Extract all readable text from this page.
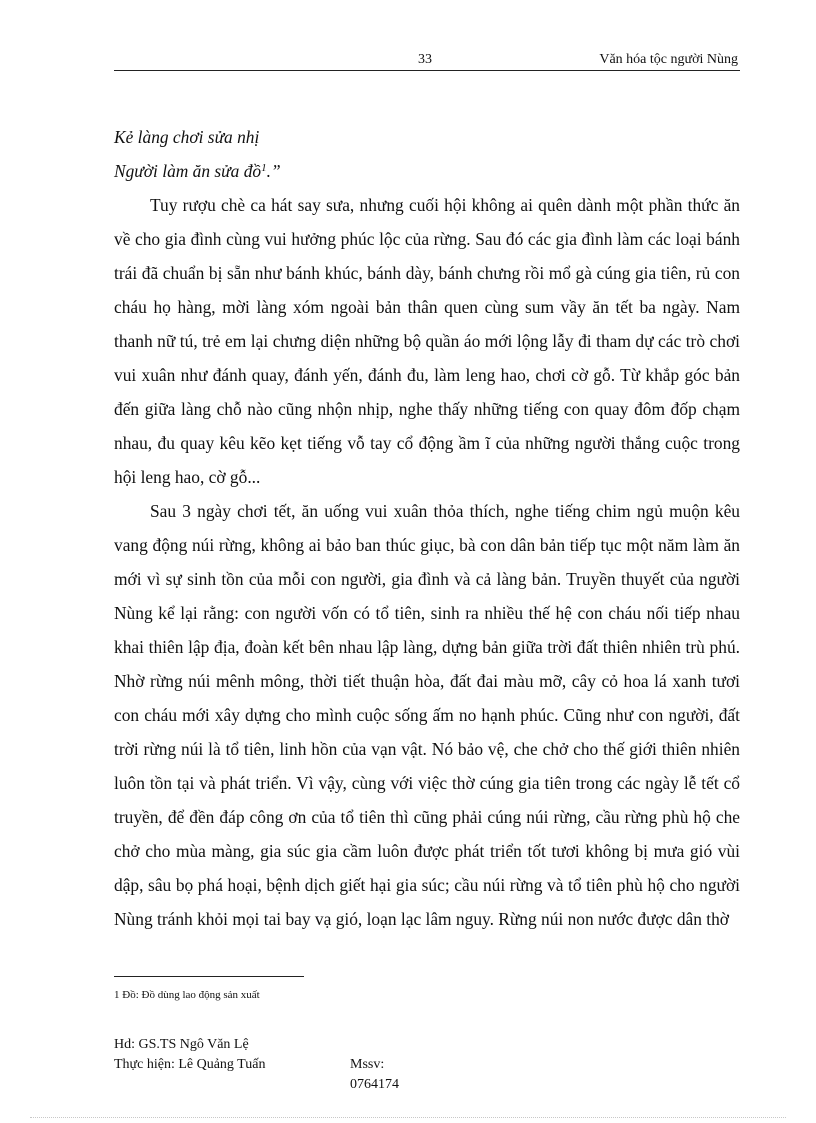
33	Văn hóa tộc người Nùng

Kẻ làng chơi sửa nhị

Người làm ăn sửa đồ$^1$.”

Tuy rượu chè ca hát say sưa, nhưng cuối hội không ai quên dành một phần thức ăn về cho gia đình cùng vui hưởng phúc lộc của rừng. Sau đó các gia đình làm các loại bánh trái đã chuẩn bị sẵn như bánh khúc, bánh dày, bánh chưng rồi mổ gà cúng gia tiên, rủ con cháu họ hàng, mời làng xóm ngoài bản thân quen cùng sum vầy ăn tết ba ngày. Nam thanh nữ tú, trẻ em lại chưng diện những bộ quần áo mới lộng lẫy đi tham dự các trò chơi vui xuân như đánh quay, đánh yến, đánh đu, làm leng hao, chơi cờ gỗ. Từ khắp góc bản đến giữa làng chỗ nào cũng nhộn nhịp, nghe thấy những tiếng con quay đôm đốp chạm nhau, đu quay kêu kẽo kẹt tiếng vỗ tay cổ động ầm ĩ của những người thắng cuộc trong hội leng hao, cờ gỗ...

Sau 3 ngày chơi tết, ăn uống vui xuân thỏa thích, nghe tiếng chim ngủ muộn kêu vang động núi rừng, không ai bảo ban thúc giục, bà con dân bản tiếp tục một năm làm ăn mới vì sự sinh tồn của mỗi con người, gia đình và cả làng bản. Truyền thuyết của người Nùng kể lại rằng: con người vốn có tổ tiên, sinh ra nhiều thế hệ con cháu nối tiếp nhau khai thiên lập địa, đoàn kết bên nhau lập làng, dựng bản giữa trời đất thiên nhiên trù phú. Nhờ rừng núi mênh mông, thời tiết thuận hòa, đất đai màu mỡ, cây cỏ hoa lá xanh tươi con cháu mới xây dựng cho mình cuộc sống ấm no hạnh phúc. Cũng như con người, đất trời rừng núi là tổ tiên, linh hồn của vạn vật. Nó bảo vệ, che chở cho thế giới thiên nhiên luôn tồn tại và phát triển. Vì vậy, cùng với việc thờ cúng gia tiên trong các ngày lễ tết cổ truyền, để đền đáp công ơn của tổ tiên thì cũng phải cúng núi rừng, cầu rừng phù hộ che chở cho mùa màng, gia súc gia cầm luôn được phát triển tốt tươi không bị mưa gió vùi dập, sâu bọ phá hoại, bệnh dịch giết hại gia súc; cầu núi rừng và tổ tiên phù hộ cho người Nùng tránh khỏi mọi tai bay vạ gió, loạn lạc lâm nguy. Rừng núi non nước được dân thờ

1 Đồ: Đồ dùng lao động sản xuất
Hd: GS.TS Ngô Văn Lệ
Thực hiện: Lê Quảng Tuấn	Mssv: 0764174
